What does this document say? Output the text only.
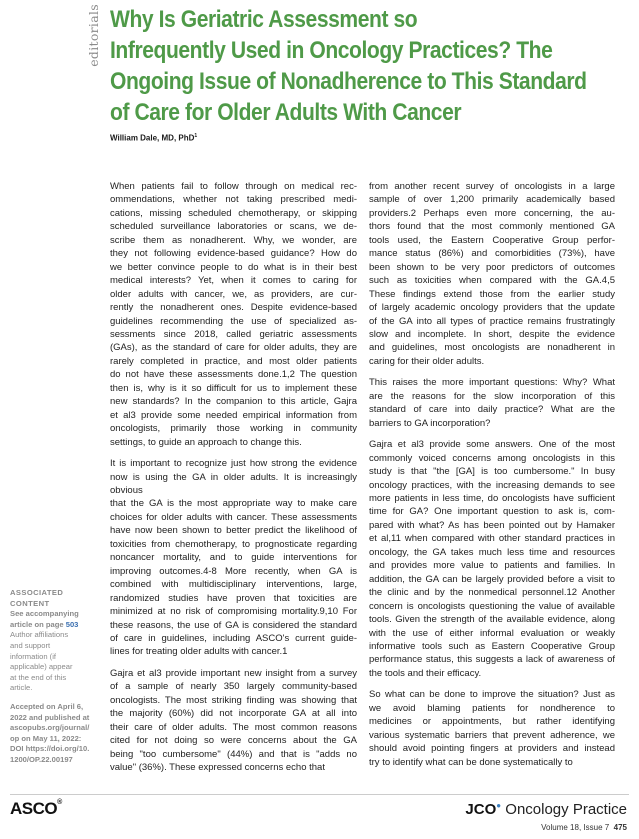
editorials Why Is Geriatric Assessment so
Infrequently Used in Oncology Practices? The
Ongoing Issue of Nonadherence to This Standard
of Care for Older Adults With Cancer
William Dale, MD, PhD$^1$

When patients fail to follow through on medical rec-
ommendations, whether not taking prescribed medi-
cations, missing scheduled chemotherapy, or skipping
scheduled surveillance laboratories or scans, we de-
scribe them as nonadherent. Why, we wonder, are
they not following evidence-based guidance? How do
we better convince people to do what is in their best
medical interests? Yet, when it comes to caring for
older adults with cancer, we, as providers, are cur-
rently the nonadherent ones. Despite evidence-based
guidelines recommending the use of specialized as-
sessments since 2018, called geriatric assessments
(GAs), as the standard of care for older adults, they are
rarely completed in practice, and most older patients
do not have these assessments done.1,2 The question
then is, why is it so difficult for us to implement these
new standards? In the companion to this article, Gajra
et al3 provide some needed empirical information from
oncologists, primarily those working in community
settings, to guide an approach to change this.

It is important to recognize just how strong the evidence
now is using the GA in older adults. It is increasingly obvious
that the GA is the most appropriate way to make care
choices for older adults with cancer. These assessments
have now been shown to better predict the likelihood of
toxicities from chemotherapy, to prognosticate regarding
noncancer mortality, and to guide interventions for
improving outcomes.4-8 More recently, when GA is
combined with multidisciplinary interventions, large,
randomized studies have proven that toxicities are
minimized at no risk of compromising mortality.9,10 For
these reasons, the use of GA is considered the standard
of care in guidelines, including ASCO's current guide-
lines for treating older adults with cancer.1

Gajra et al3 provide important new insight from a survey
of a sample of nearly 350 largely community-based
oncologists. The most striking finding was showing that
the majority (60%) did not incorporate GA at all into
their care of older adults. The most common reasons
cited for not doing so were concerns about the GA
being "too cumbersome" (44%) and that is "adds no
value" (36%). These expressed concerns echo that

from another recent survey of oncologists in a large
sample of over 1,200 primarily academically based
providers.2 Perhaps even more concerning, the au-
thors found that the most commonly mentioned GA
tools used, the Eastern Cooperative Group perfor-
mance status (86%) and comorbidities (73%), have
been shown to be very poor predictors of outcomes
such as toxicities when compared with the GA.4,5
These findings extend those from the earlier study
of largely academic oncology providers that the update
of the GA into all types of practice remains frustratingly
slow and incomplete. In short, despite the evidence
and guidelines, most oncologists are nonadherent in
caring for their older adults.

This raises the more important questions: Why? What
are the reasons for the slow incorporation of this
standard of care into daily practice? What are the
barriers to GA incorporation?

Gajra et al3 provide some answers. One of the most
commonly voiced concerns among oncologists in this
study is that "the [GA] is too cumbersome." In busy
oncology practices, with the increasing demands to see
more patients in less time, do oncologists have sufficient
time for GA? One important question to ask is, com-
pared with what? As has been pointed out by Hamaker
et al,11 when compared with other standard practices in
oncology, the GA takes much less time and resources
and provides more value to patients and families. In
addition, the GA can be largely provided before a visit to
the clinic and by the nonmedical personnel.12 Another
concern is oncologists questioning the value of available
tools. Given the strength of the available evidence, along
with the use of either informal evaluation or weakly
informative tools such as Eastern Cooperative Group
performance status, this suggests a lack of awareness of
the tools and their efficacy.

So what can be done to improve the situation? Just as
we avoid blaming patients for nondherence to
medicines or appointments, but rather identifying
various systematic barriers that prevent adherence, we
should avoid pointing fingers at providers and instead
try to identify what can be done systematically to

ASSOCIATED
CONTENT
See accompanying
article on page 503
Author affiliations
and support
information (if
applicable) appear
at the end of this
article.
Accepted on April 6,
2022 and published at
ascopubs.org/journal/
op on May 11, 2022:
DOI https://doi.org/10.
1200/OP.22.00197
ASCO®	JCO● Oncology Practice
Volume 18, Issue 7 475
